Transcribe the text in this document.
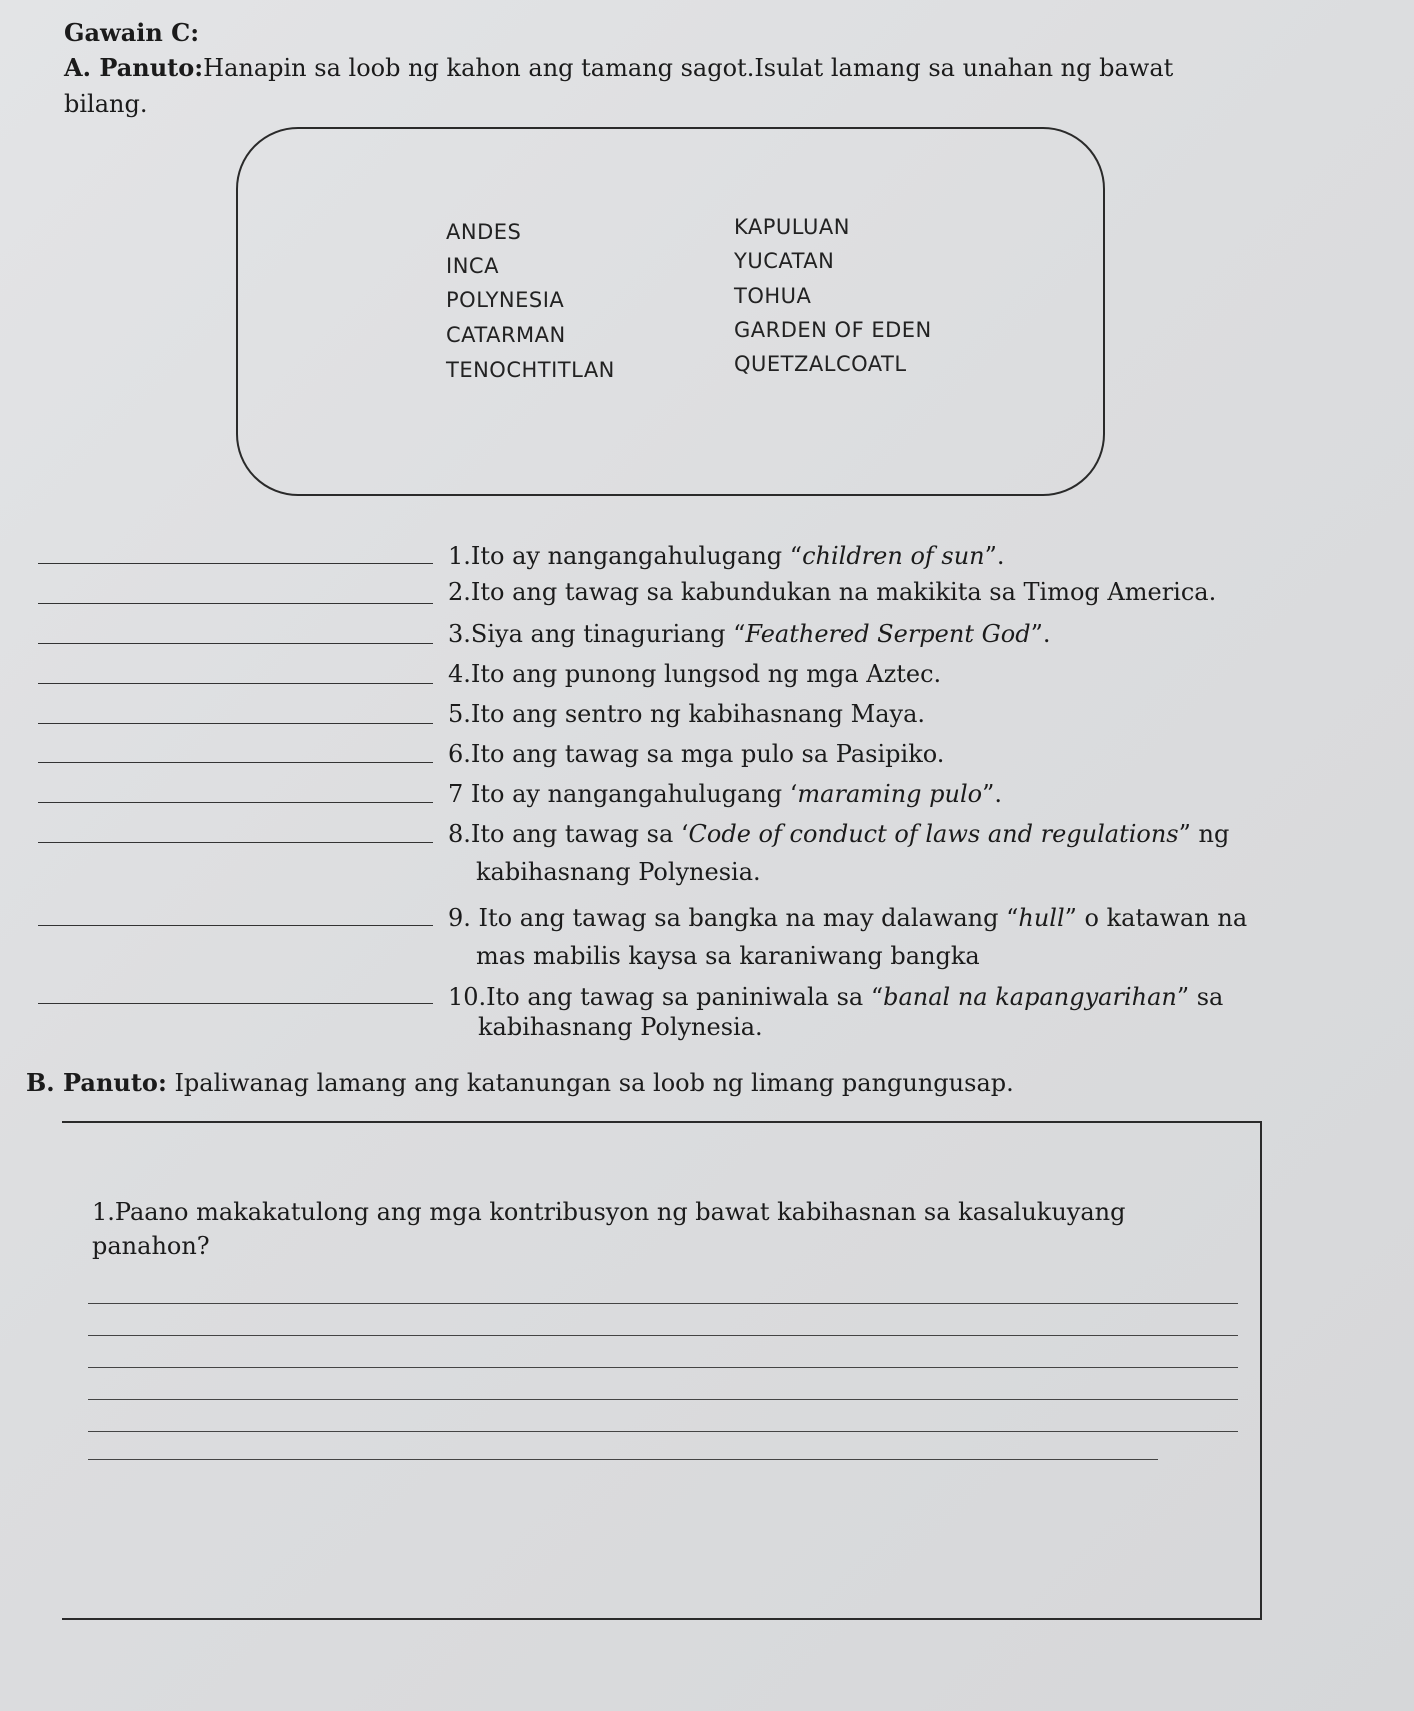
Gawain C:
A. Panuto:Hanapin sa loob ng kahon ang tamang sagot.Isulat lamang sa unahan ng bawat bilang.
ANDES
INCA
POLYNESIA
CATARMAN
TENOCHTITLAN
KAPULUAN
YUCATAN
TOHUA
GARDEN OF EDEN
QUETZALCOATL
1.Ito ay nangangahulugang “children of sun”.
2.Ito ang tawag sa kabundukan na makikita sa Timog America.
3.Siya ang tinaguriang “Feathered Serpent God”.
4.Ito ang punong lungsod ng mga Aztec.
5.Ito ang sentro ng kabihasnang Maya.
6.Ito ang tawag sa mga pulo sa Pasipiko.
7 Ito ay nangangahulugang ‘maraming pulo”.
8.Ito ang tawag sa ‘Code of conduct of laws and regulations” ng
kabihasnang Polynesia.
9. Ito ang tawag sa bangka na may dalawang “hull” o katawan na
mas mabilis kaysa sa karaniwang bangka
10.Ito ang tawag sa paniniwala sa “banal na kapangyarihan” sa
kabihasnang Polynesia.
B. Panuto: Ipaliwanag lamang ang katanungan sa loob ng limang pangungusap.
1.Paano makakatulong ang mga kontribusyon ng bawat kabihasnan sa kasalukuyang panahon?
